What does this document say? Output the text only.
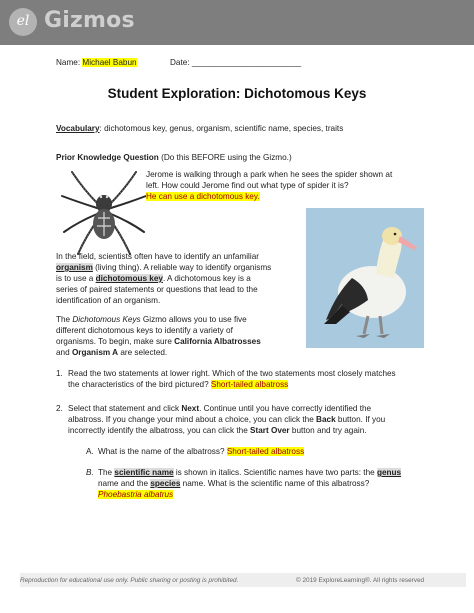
el Gizmos
Name: Michael Babun	Date: ________________________
Student Exploration: Dichotomous Keys
Vocabulary: dichotomous key, genus, organism, scientific name, species, traits
Prior Knowledge Question (Do this BEFORE using the Gizmo.)
Jerome is walking through a park when he sees the spider shown at
left. How could Jerome find out what type of spider it is?
He can use a dichotomous key.
In the field, scientists often have to identify an unfamiliar
organism (living thing). A reliable way to identify organisms
is to use a dichotomous key. A dichotomous key is a
series of paired statements or questions that lead to the
identification of an organism.
The Dichotomous Keys Gizmo allows you to use five
different dichotomous keys to identify a variety of
organisms. To begin, make sure California Albatrosses
and Organism A are selected.
1. Read the two statements at lower right. Which of the two statements most closely matches
the characteristics of the bird pictured? Short-tailed albatross
2. Select that statement and click Next. Continue until you have correctly identified the
albatross. If you change your mind about a choice, you can click the Back button. If you
incorrectly identify the albatross, you can click the Start Over button and try again.
A. What is the name of the albatross? Short-tailed albatross
B. The scientific name is shown in italics. Scientific names have two parts: the genus
name and the species name. What is the scientific name of this albatross?
Phoebastria albatrus
Reproduction for educational use only. Public sharing or posting is prohibited.	© 2019 ExploreLearning®. All rights reserved
